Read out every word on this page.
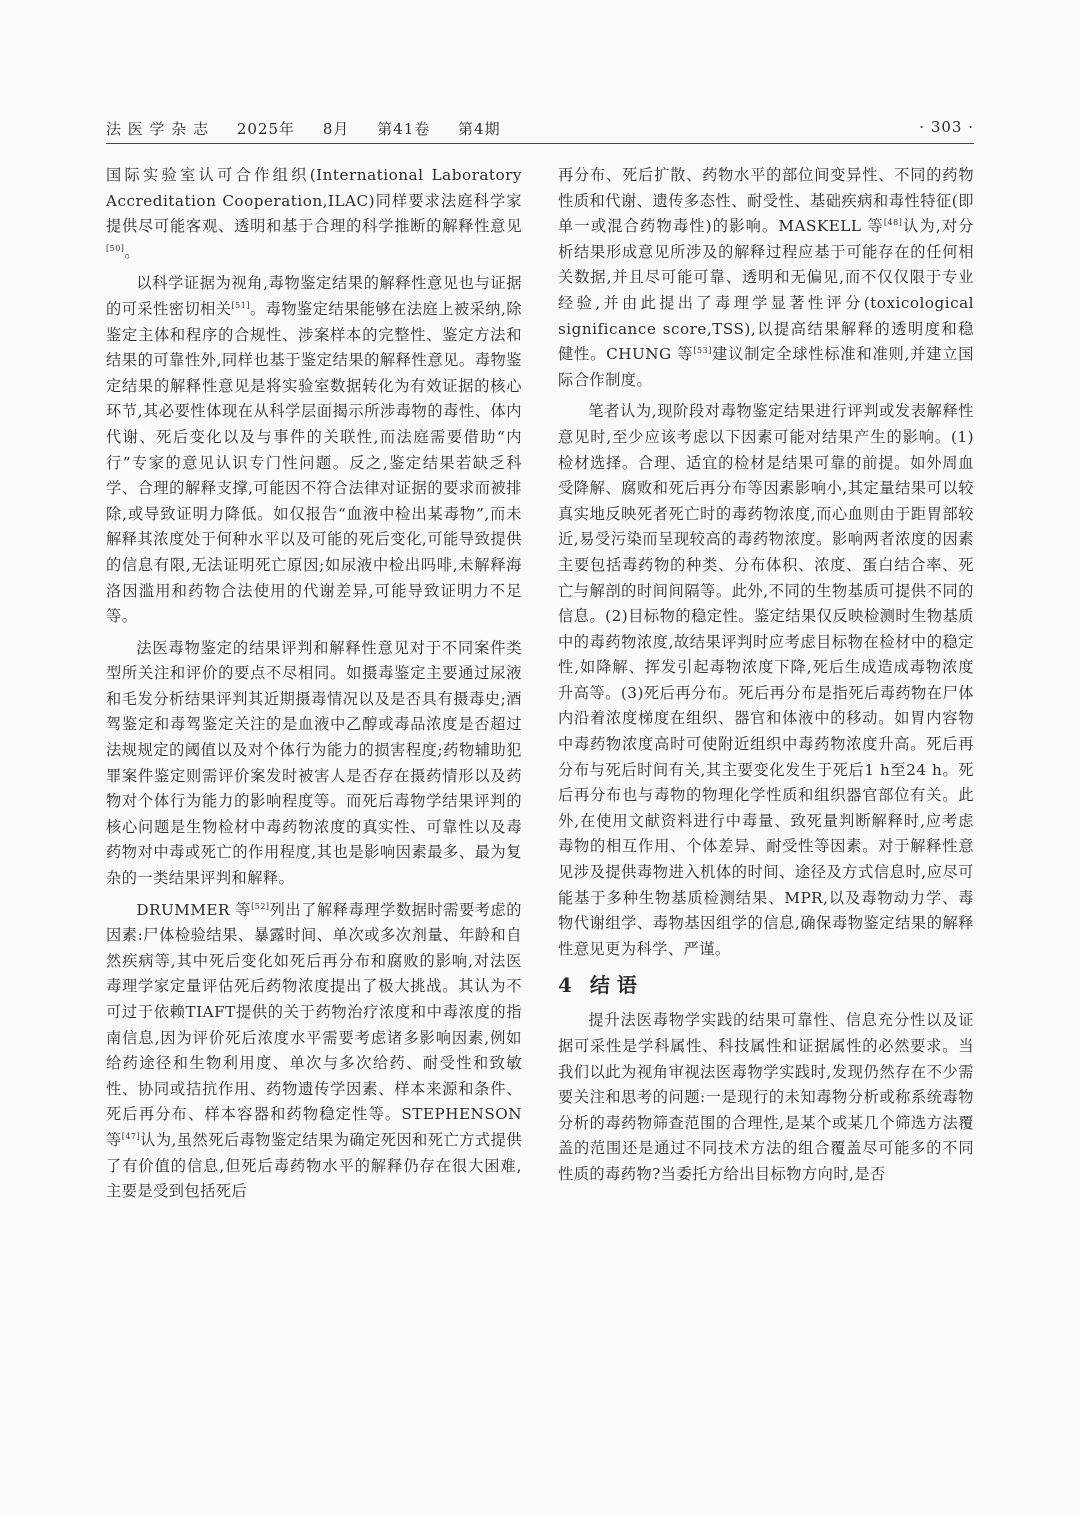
法 医 学 杂 志 2025年 8月 第41卷 第4期	· 303 ·

国际实验室认可合作组织(International Laboratory Accreditation Cooperation,ILAC)同样要求法庭科学家提供尽可能客观、透明和基于合理的科学推断的解释性意见[50]。

以科学证据为视角,毒物鉴定结果的解释性意见也与证据的可采性密切相关[51]。毒物鉴定结果能够在法庭上被采纳,除鉴定主体和程序的合规性、涉案样本的完整性、鉴定方法和结果的可靠性外,同样也基于鉴定结果的解释性意见。毒物鉴定结果的解释性意见是将实验室数据转化为有效证据的核心环节,其必要性体现在从科学层面揭示所涉毒物的毒性、体内代谢、死后变化以及与事件的关联性,而法庭需要借助“内行”专家的意见认识专门性问题。反之,鉴定结果若缺乏科学、合理的解释支撑,可能因不符合法律对证据的要求而被排除,或导致证明力降低。如仅报告“血液中检出某毒物”,而未解释其浓度处于何种水平以及可能的死后变化,可能导致提供的信息有限,无法证明死亡原因;如尿液中检出吗啡,未解释海洛因滥用和药物合法使用的代谢差异,可能导致证明力不足等。

法医毒物鉴定的结果评判和解释性意见对于不同案件类型所关注和评价的要点不尽相同。如摄毒鉴定主要通过尿液和毛发分析结果评判其近期摄毒情况以及是否具有摄毒史;酒驾鉴定和毒驾鉴定关注的是血液中乙醇或毒品浓度是否超过法规规定的阈值以及对个体行为能力的损害程度;药物辅助犯罪案件鉴定则需评价案发时被害人是否存在摄药情形以及药物对个体行为能力的影响程度等。而死后毒物学结果评判的核心问题是生物检材中毒药物浓度的真实性、可靠性以及毒药物对中毒或死亡的作用程度,其也是影响因素最多、最为复杂的一类结果评判和解释。

DRUMMER 等[52]列出了解释毒理学数据时需要考虑的因素:尸体检验结果、暴露时间、单次或多次剂量、年龄和自然疾病等,其中死后变化如死后再分布和腐败的影响,对法医毒理学家定量评估死后药物浓度提出了极大挑战。其认为不可过于依赖TIAFT提供的关于药物治疗浓度和中毒浓度的指南信息,因为评价死后浓度水平需要考虑诸多影响因素,例如给药途径和生物利用度、单次与多次给药、耐受性和致敏性、协同或拮抗作用、药物遗传学因素、样本来源和条件、死后再分布、样本容器和药物稳定性等。STEPHENSON 等[47]认为,虽然死后毒物鉴定结果为确定死因和死亡方式提供了有价值的信息,但死后毒药物水平的解释仍存在很大困难,主要是受到包括死后

再分布、死后扩散、药物水平的部位间变异性、不同的药物性质和代谢、遗传多态性、耐受性、基础疾病和毒性特征(即单一或混合药物毒性)的影响。MASKELL 等[48]认为,对分析结果形成意见所涉及的解释过程应基于可能存在的任何相关数据,并且尽可能可靠、透明和无偏见,而不仅仅限于专业经验,并由此提出了毒理学显著性评分(toxicological significance score,TSS),以提高结果解释的透明度和稳健性。CHUNG 等[53]建议制定全球性标准和准则,并建立国际合作制度。

笔者认为,现阶段对毒物鉴定结果进行评判或发表解释性意见时,至少应该考虑以下因素可能对结果产生的影响。(1)检材选择。合理、适宜的检材是结果可靠的前提。如外周血受降解、腐败和死后再分布等因素影响小,其定量结果可以较真实地反映死者死亡时的毒药物浓度,而心血则由于距胃部较近,易受污染而呈现较高的毒药物浓度。影响两者浓度的因素主要包括毒药物的种类、分布体积、浓度、蛋白结合率、死亡与解剖的时间间隔等。此外,不同的生物基质可提供不同的信息。(2)目标物的稳定性。鉴定结果仅反映检测时生物基质中的毒药物浓度,故结果评判时应考虑目标物在检材中的稳定性,如降解、挥发引起毒物浓度下降,死后生成造成毒物浓度升高等。(3)死后再分布。死后再分布是指死后毒药物在尸体内沿着浓度梯度在组织、器官和体液中的移动。如胃内容物中毒药物浓度高时可使附近组织中毒药物浓度升高。死后再分布与死后时间有关,其主要变化发生于死后1 h至24 h。死后再分布也与毒物的物理化学性质和组织器官部位有关。此外,在使用文献资料进行中毒量、致死量判断解释时,应考虑毒物的相互作用、个体差异、耐受性等因素。对于解释性意见涉及提供毒物进入机体的时间、途径及方式信息时,应尽可能基于多种生物基质检测结果、MPR,以及毒物动力学、毒物代谢组学、毒物基因组学的信息,确保毒物鉴定结果的解释性意见更为科学、严谨。

4 结 语

提升法医毒物学实践的结果可靠性、信息充分性以及证据可采性是学科属性、科技属性和证据属性的必然要求。当我们以此为视角审视法医毒物学实践时,发现仍然存在不少需要关注和思考的问题:一是现行的未知毒物分析或称系统毒物分析的毒药物筛查范围的合理性,是某个或某几个筛选方法覆盖的范围还是通过不同技术方法的组合覆盖尽可能多的不同性质的毒药物?当委托方给出目标物方向时,是否
